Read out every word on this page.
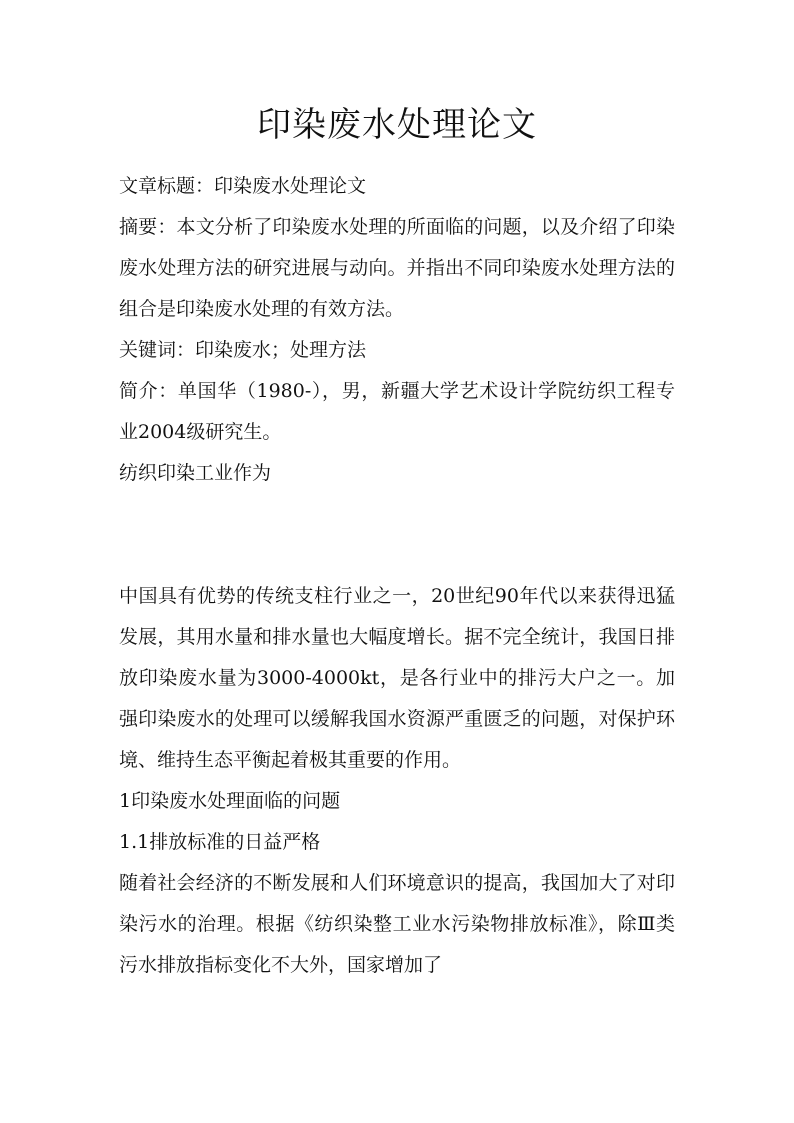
印染废水处理论文

文章标题：印染废水处理论文

摘要：本文分析了印染废水处理的所面临的问题，以及介绍了印染废水处理方法的研究进展与动向。并指出不同印染废水处理方法的组合是印染废水处理的有效方法。

关键词：印染废水；处理方法

简介：单国华（1980-），男，新疆大学艺术设计学院纺织工程专业2004级研究生。

纺织印染工业作为

中国具有优势的传统支柱行业之一，20世纪90年代以来获得迅猛发展，其用水量和排水量也大幅度增长。据不完全统计，我国日排放印染废水量为3000-4000kt，是各行业中的排污大户之一。加强印染废水的处理可以缓解我国水资源严重匮乏的问题，对保护环境、维持生态平衡起着极其重要的作用。

1印染废水处理面临的问题

1.1排放标准的日益严格

随着社会经济的不断发展和人们环境意识的提高，我国加大了对印染污水的治理。根据《纺织染整工业水污染物排放标准》，除Ⅲ类污水排放指标变化不大外，国家增加了
